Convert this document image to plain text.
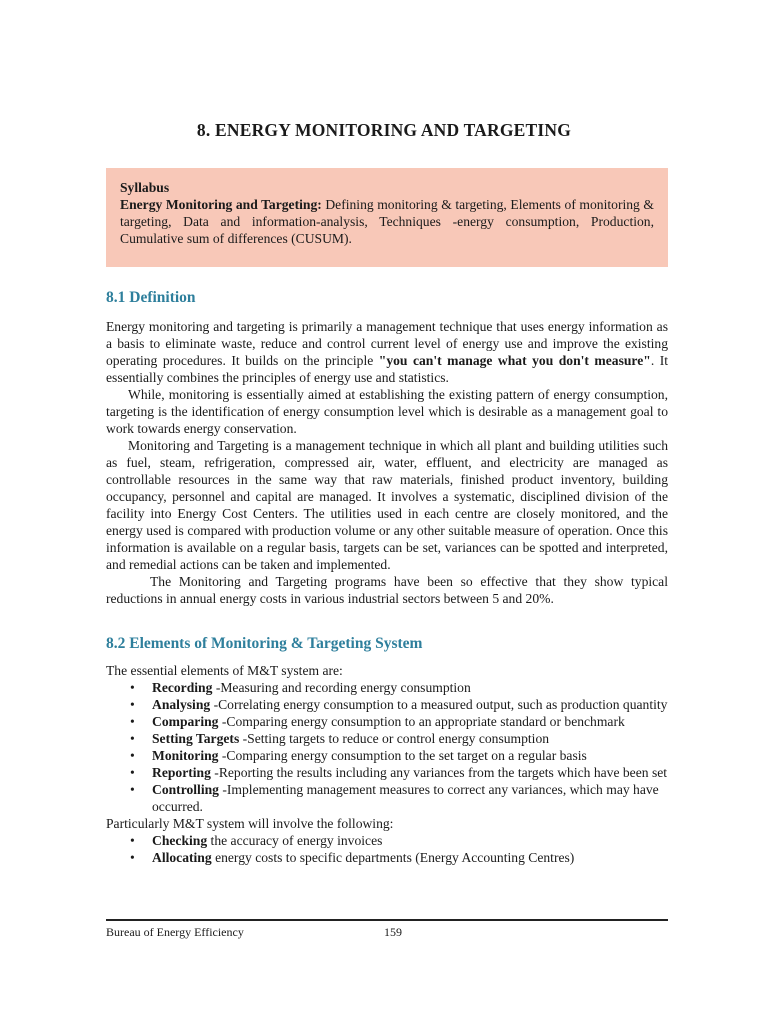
8. ENERGY MONITORING AND TARGETING
Syllabus
Energy Monitoring and Targeting: Defining monitoring & targeting, Elements of monitoring & targeting, Data and information-analysis, Techniques -energy consumption, Production, Cumulative sum of differences (CUSUM).
8.1 Definition

Energy monitoring and targeting is primarily a management technique that uses energy information as a basis to eliminate waste, reduce and control current level of energy use and improve the existing operating procedures. It builds on the principle "you can't manage what you don't measure". It essentially combines the principles of energy use and statistics.

While, monitoring is essentially aimed at establishing the existing pattern of energy consumption, targeting is the identification of energy consumption level which is desirable as a management goal to work towards energy conservation.

Monitoring and Targeting is a management technique in which all plant and building utilities such as fuel, steam, refrigeration, compressed air, water, effluent, and electricity are managed as controllable resources in the same way that raw materials, finished product inventory, building occupancy, personnel and capital are managed. It involves a systematic, disciplined division of the facility into Energy Cost Centers. The utilities used in each centre are closely monitored, and the energy used is compared with production volume or any other suitable measure of operation. Once this information is available on a regular basis, targets can be set, variances can be spotted and interpreted, and remedial actions can be taken and implemented.

The Monitoring and Targeting programs have been so effective that they show typical reductions in annual energy costs in various industrial sectors between 5 and 20%.

8.2 Elements of Monitoring & Targeting System

The essential elements of M&T system are:

• Recording -Measuring and recording energy consumption
• Analysing -Correlating energy consumption to a measured output, such as production quantity
• Comparing -Comparing energy consumption to an appropriate standard or benchmark
• Setting Targets -Setting targets to reduce or control energy consumption
• Monitoring -Comparing energy consumption to the set target on a regular basis
• Reporting -Reporting the results including any variances from the targets which have been set
• Controlling -Implementing management measures to correct any variances, which may have occurred.

Particularly M&T system will involve the following:

• Checking the accuracy of energy invoices
• Allocating energy costs to specific departments (Energy Accounting Centres)
Bureau of Energy Efficiency	159
